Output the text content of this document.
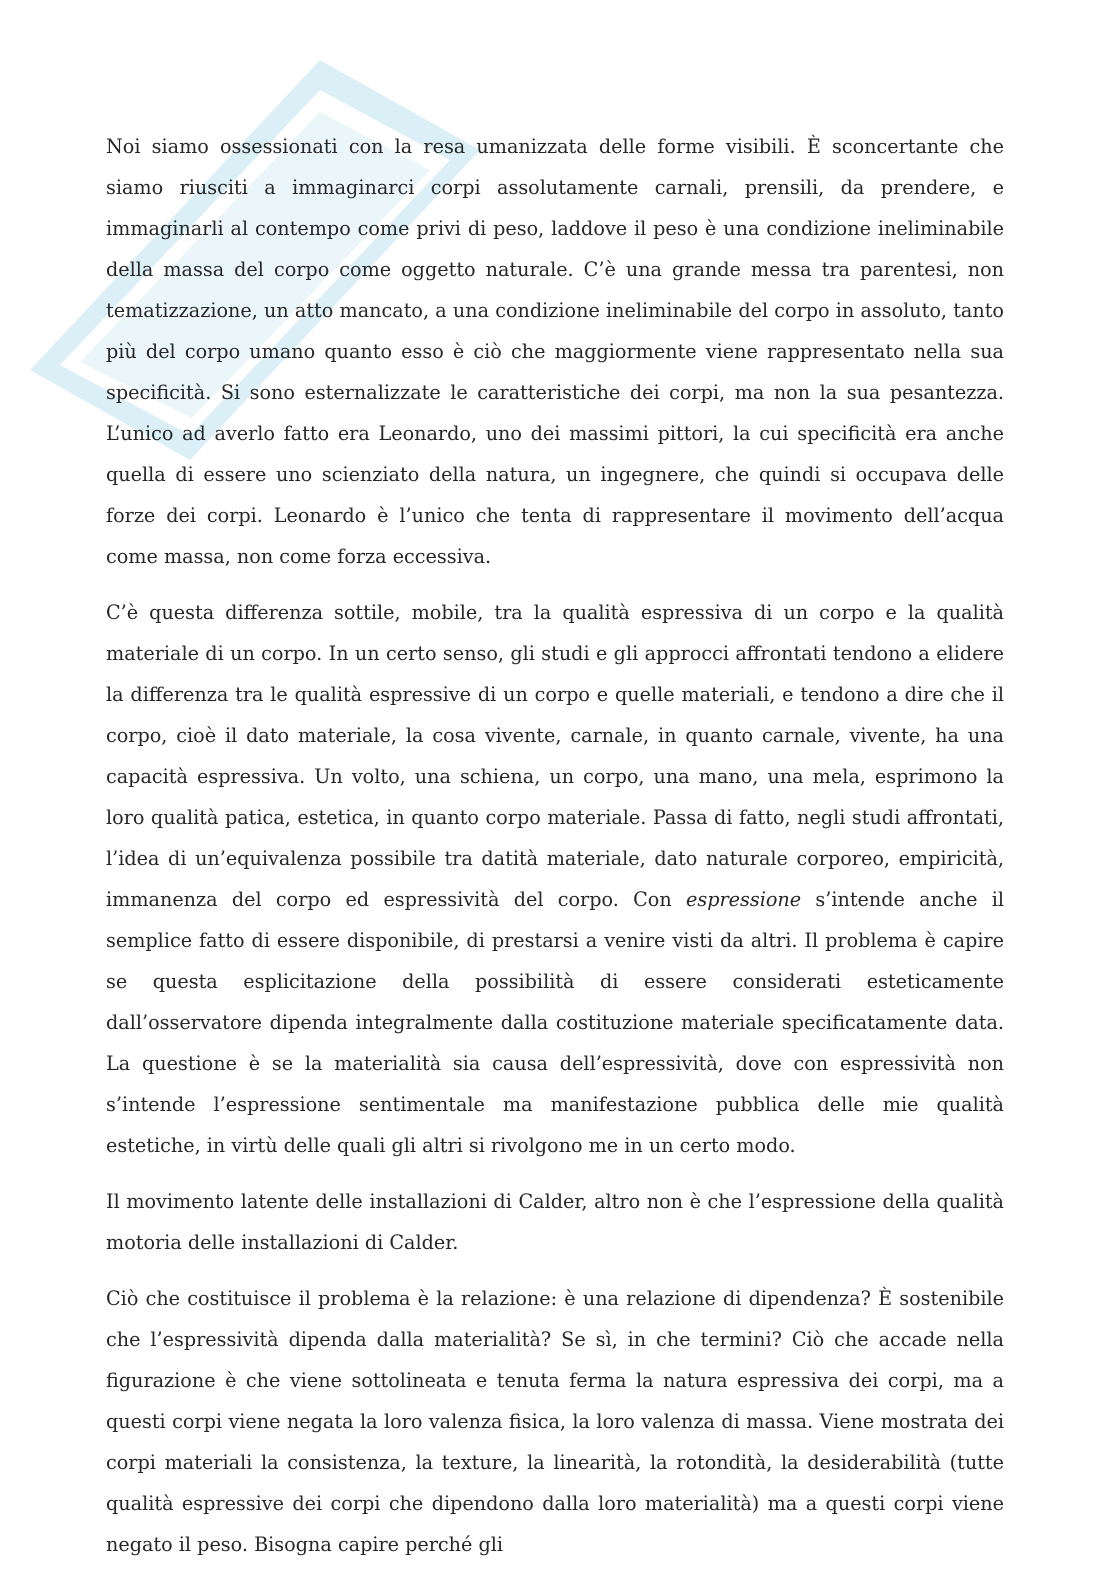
Noi siamo ossessionati con la resa umanizzata delle forme visibili. È sconcertante che siamo riusciti a immaginarci corpi assolutamente carnali, prensili, da prendere, e immaginarli al contempo come privi di peso, laddove il peso è una condizione ineliminabile della massa del corpo come oggetto naturale. C’è una grande messa tra parentesi, non tematizzazione, un atto mancato, a una condizione ineliminabile del corpo in assoluto, tanto più del corpo umano quanto esso è ciò che maggiormente viene rappresentato nella sua specificità. Si sono esternalizzate le caratteristiche dei corpi, ma non la sua pesantezza. L’unico ad averlo fatto era Leonardo, uno dei massimi pittori, la cui specificità era anche quella di essere uno scienziato della natura, un ingegnere, che quindi si occupava delle forze dei corpi. Leonardo è l’unico che tenta di rappresentare il movimento dell’acqua come massa, non come forza eccessiva.

C’è questa differenza sottile, mobile, tra la qualità espressiva di un corpo e la qualità materiale di un corpo. In un certo senso, gli studi e gli approcci affrontati tendono a elidere la differenza tra le qualità espressive di un corpo e quelle materiali, e tendono a dire che il corpo, cioè il dato materiale, la cosa vivente, carnale, in quanto carnale, vivente, ha una capacità espressiva. Un volto, una schiena, un corpo, una mano, una mela, esprimono la loro qualità patica, estetica, in quanto corpo materiale. Passa di fatto, negli studi affrontati, l’idea di un’equivalenza possibile tra datità materiale, dato naturale corporeo, empiricità, immanenza del corpo ed espressività del corpo. Con espressione s’intende anche il semplice fatto di essere disponibile, di prestarsi a venire visti da altri. Il problema è capire se questa esplicitazione della possibilità di essere considerati esteticamente dall’osservatore dipenda integralmente dalla costituzione materiale specificatamente data. La questione è se la materialità sia causa dell’espressività, dove con espressività non s’intende l’espressione sentimentale ma manifestazione pubblica delle mie qualità estetiche, in virtù delle quali gli altri si rivolgono me in un certo modo.

Il movimento latente delle installazioni di Calder, altro non è che l’espressione della qualità motoria delle installazioni di Calder.

Ciò che costituisce il problema è la relazione: è una relazione di dipendenza? È sostenibile che l’espressività dipenda dalla materialità? Se sì, in che termini? Ciò che accade nella figurazione è che viene sottolineata e tenuta ferma la natura espressiva dei corpi, ma a questi corpi viene negata la loro valenza fisica, la loro valenza di massa. Viene mostrata dei corpi materiali la consistenza, la texture, la linearità, la rotondità, la desiderabilità (tutte qualità espressive dei corpi che dipendono dalla loro materialità) ma a questi corpi viene negato il peso. Bisogna capire perché gli
